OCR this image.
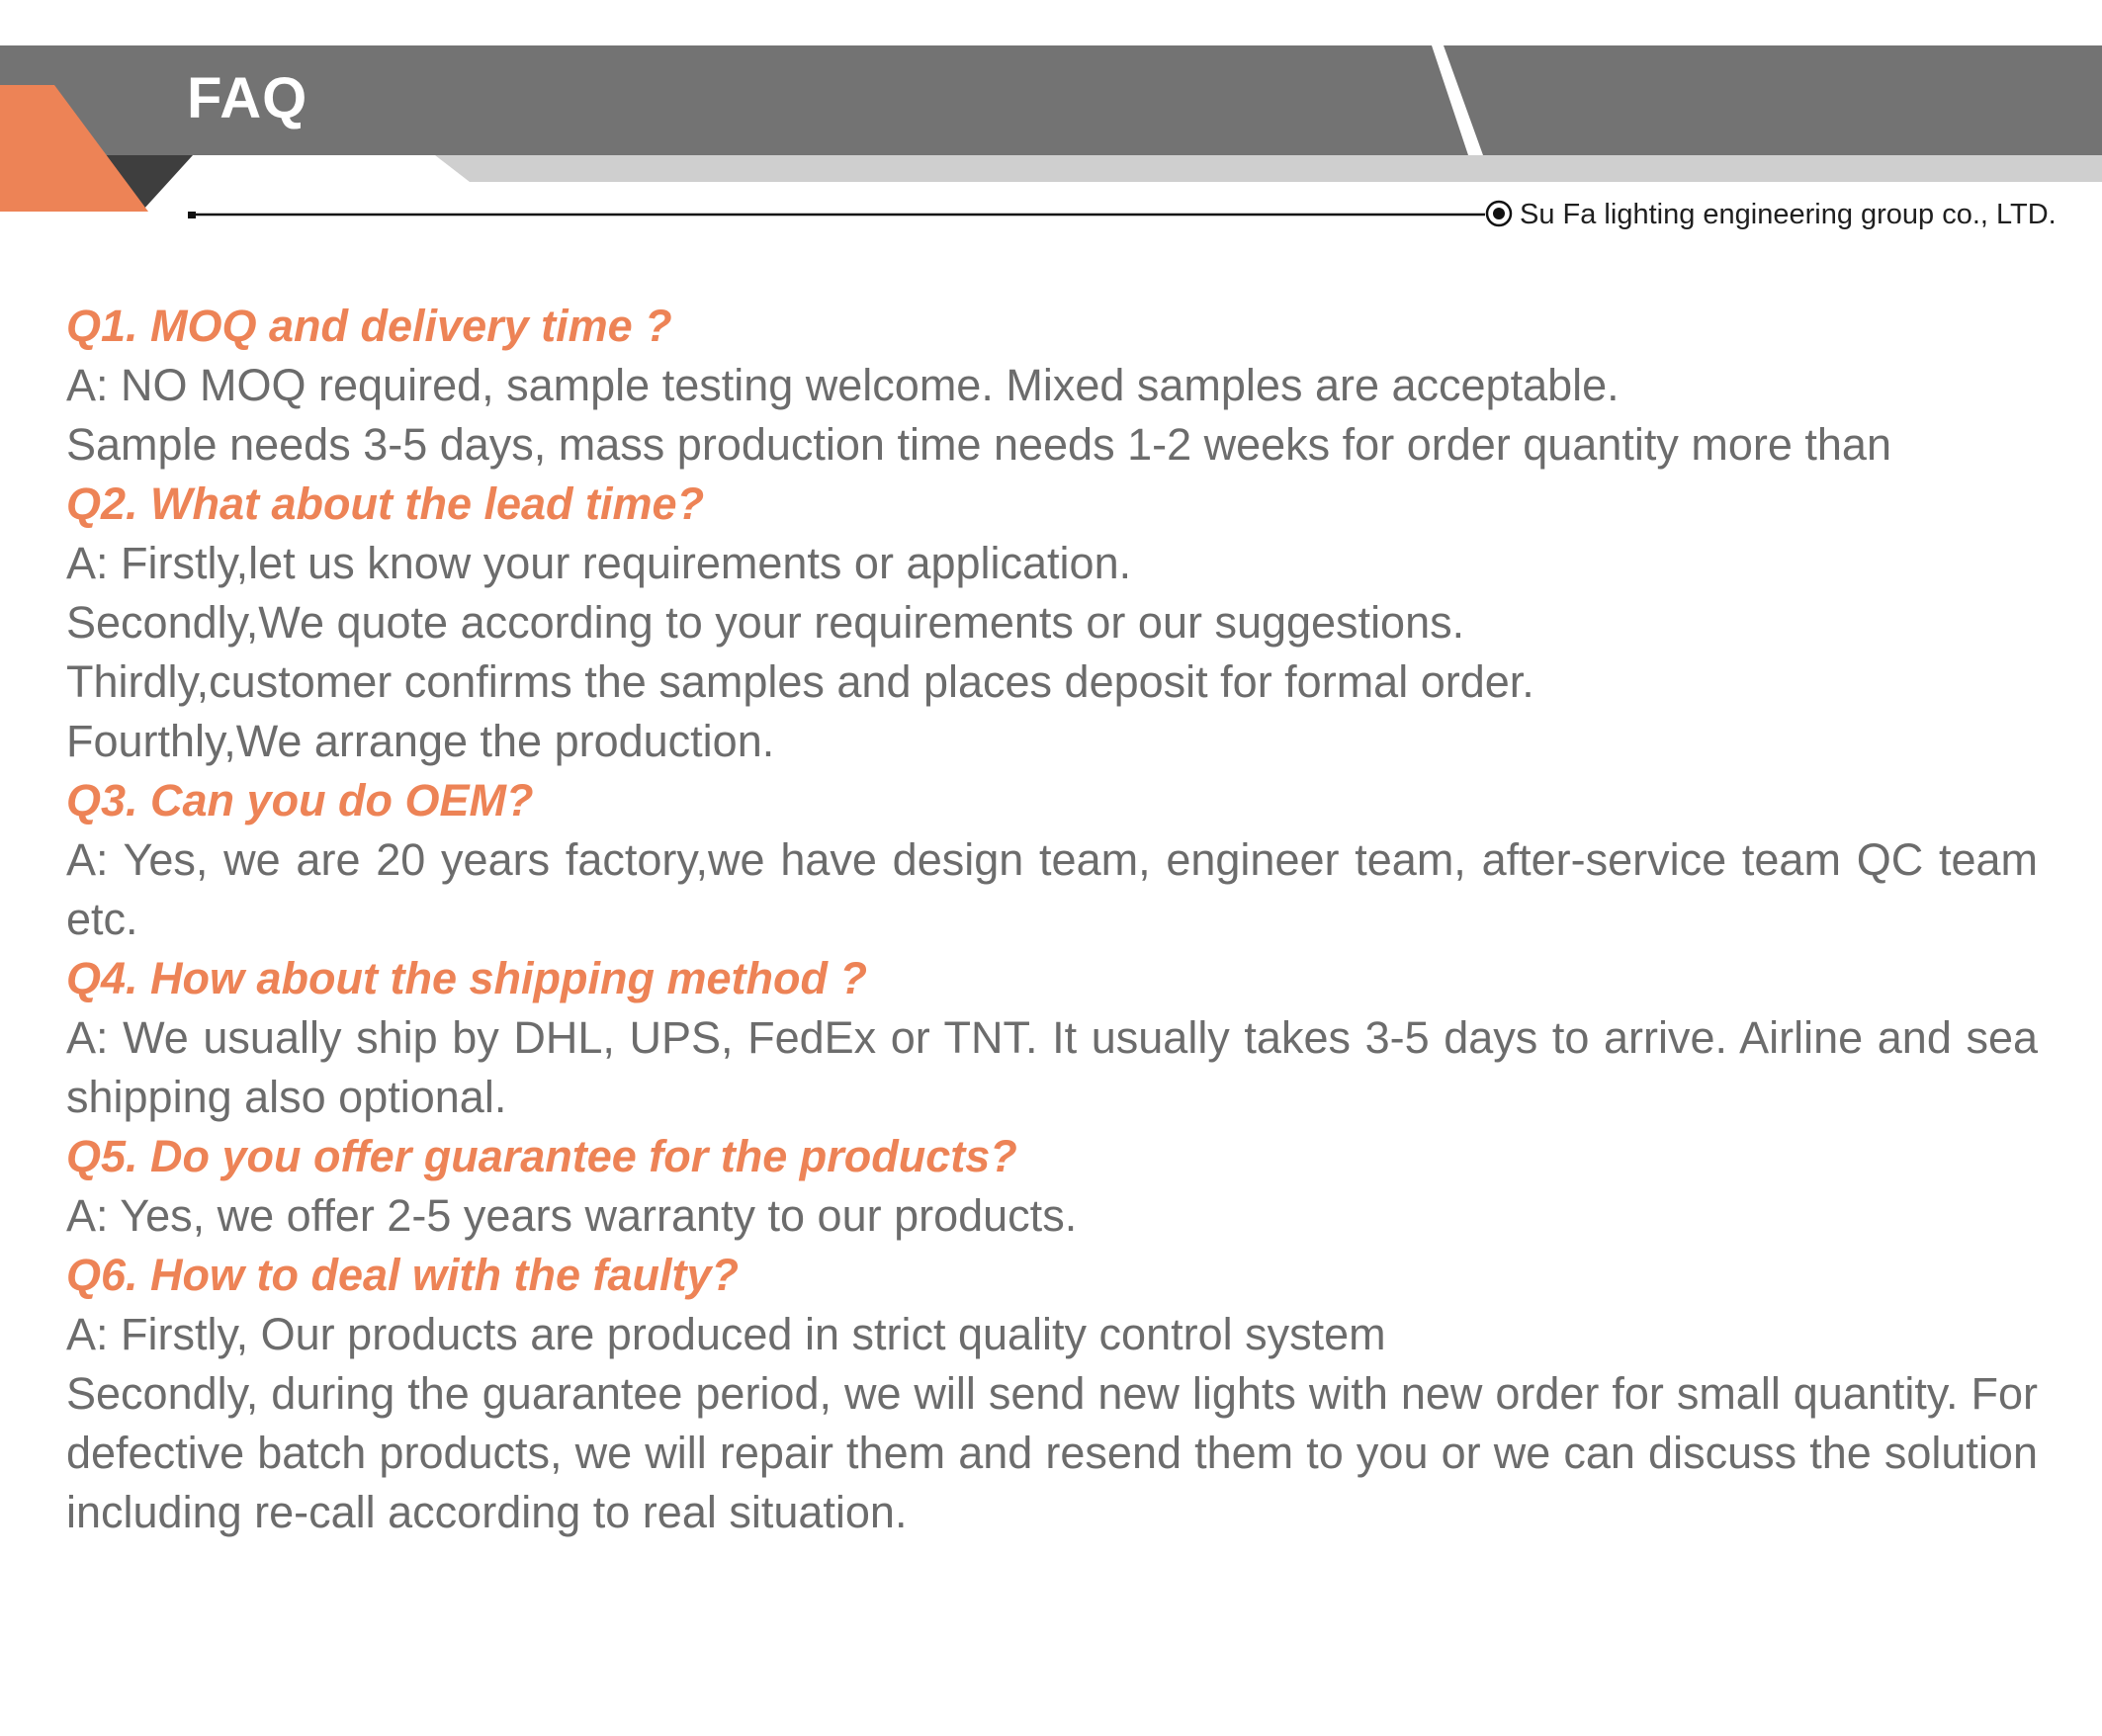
FAQ
Su Fa lighting engineering group co., LTD.

Q1. MOQ and delivery time ?

A: NO MOQ required, sample testing welcome. Mixed samples are acceptable.

Sample needs 3-5 days, mass production time needs 1-2 weeks for order quantity more than

Q2. What about the lead time?

A: Firstly,let us know your requirements or application.

Secondly,We quote according to your requirements or our suggestions.

Thirdly,customer confirms the samples and places deposit for formal order.

Fourthly,We arrange the production.

Q3. Can you do OEM?

A: Yes, we are 20 years factory,we have design team, engineer team, after-service team QC team etc.

Q4. How about the shipping method ?

A: We usually ship by DHL, UPS, FedEx or TNT. It usually takes 3-5 days to arrive. Airline and sea shipping also optional.

Q5. Do you offer guarantee for the products?

A: Yes, we offer 2-5 years warranty to our products.

Q6. How to deal with the faulty?

A: Firstly, Our products are produced in strict quality control system

Secondly, during the guarantee period, we will send new lights with new order for small quantity. For defective batch products, we will repair them and resend them to you or we can discuss the solution including re-call according to real situation.
